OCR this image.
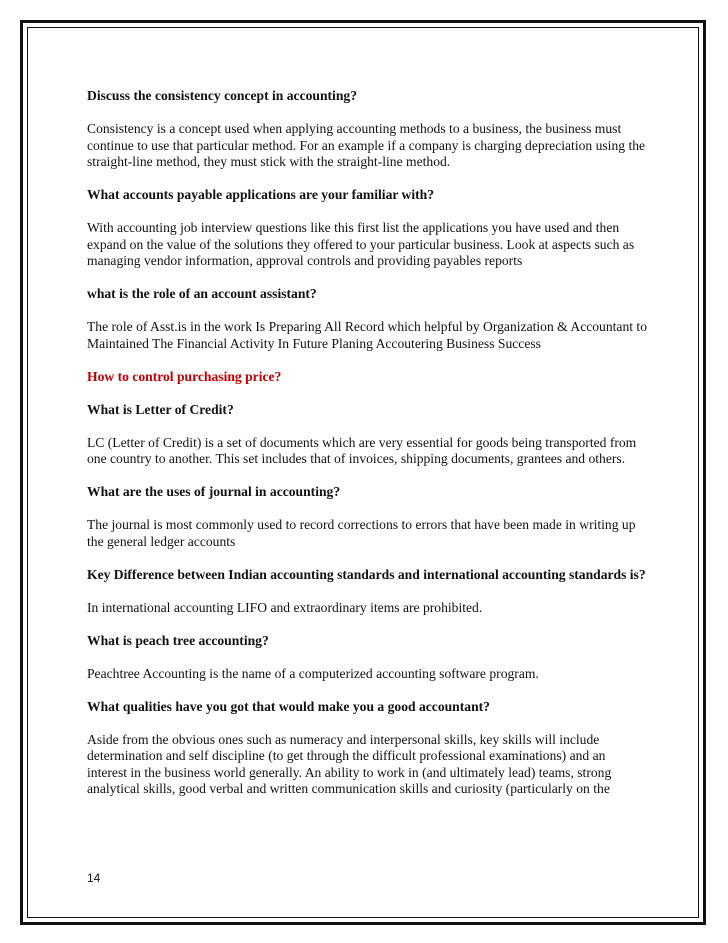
Discuss the consistency concept in accounting?

Consistency is a concept used when applying accounting methods to a business, the business must continue to use that particular method. For an example if a company is charging depreciation using the straight-line method, they must stick with the straight-line method.

What accounts payable applications are your familiar with?

With accounting job interview questions like this first list the applications you have used and then expand on the value of the solutions they offered to your particular business. Look at aspects such as managing vendor information, approval controls and providing payables reports

what is the role of an account assistant?

The role of Asst.is in the work Is Preparing All Record which helpful by Organization & Accountant to Maintained The Financial Activity In Future Planing Accoutering Business Success

How to control purchasing price?

What is Letter of Credit?

LC (Letter of Credit) is a set of documents which are very essential for goods being transported from one country to another. This set includes that of invoices, shipping documents, grantees and others.

What are the uses of journal in accounting?

The journal is most commonly used to record corrections to errors that have been made in writing up the general ledger accounts

Key Difference between Indian accounting standards and international accounting standards is?

In international accounting LIFO and extraordinary items are prohibited.

What is peach tree accounting?

Peachtree Accounting is the name of a computerized accounting software program.

What qualities have you got that would make you a good accountant?

Aside from the obvious ones such as numeracy and interpersonal skills, key skills will include determination and self discipline (to get through the difficult professional examinations) and an interest in the business world generally. An ability to work in (and ultimately lead) teams, strong analytical skills, good verbal and written communication skills and curiosity (particularly on the

14
